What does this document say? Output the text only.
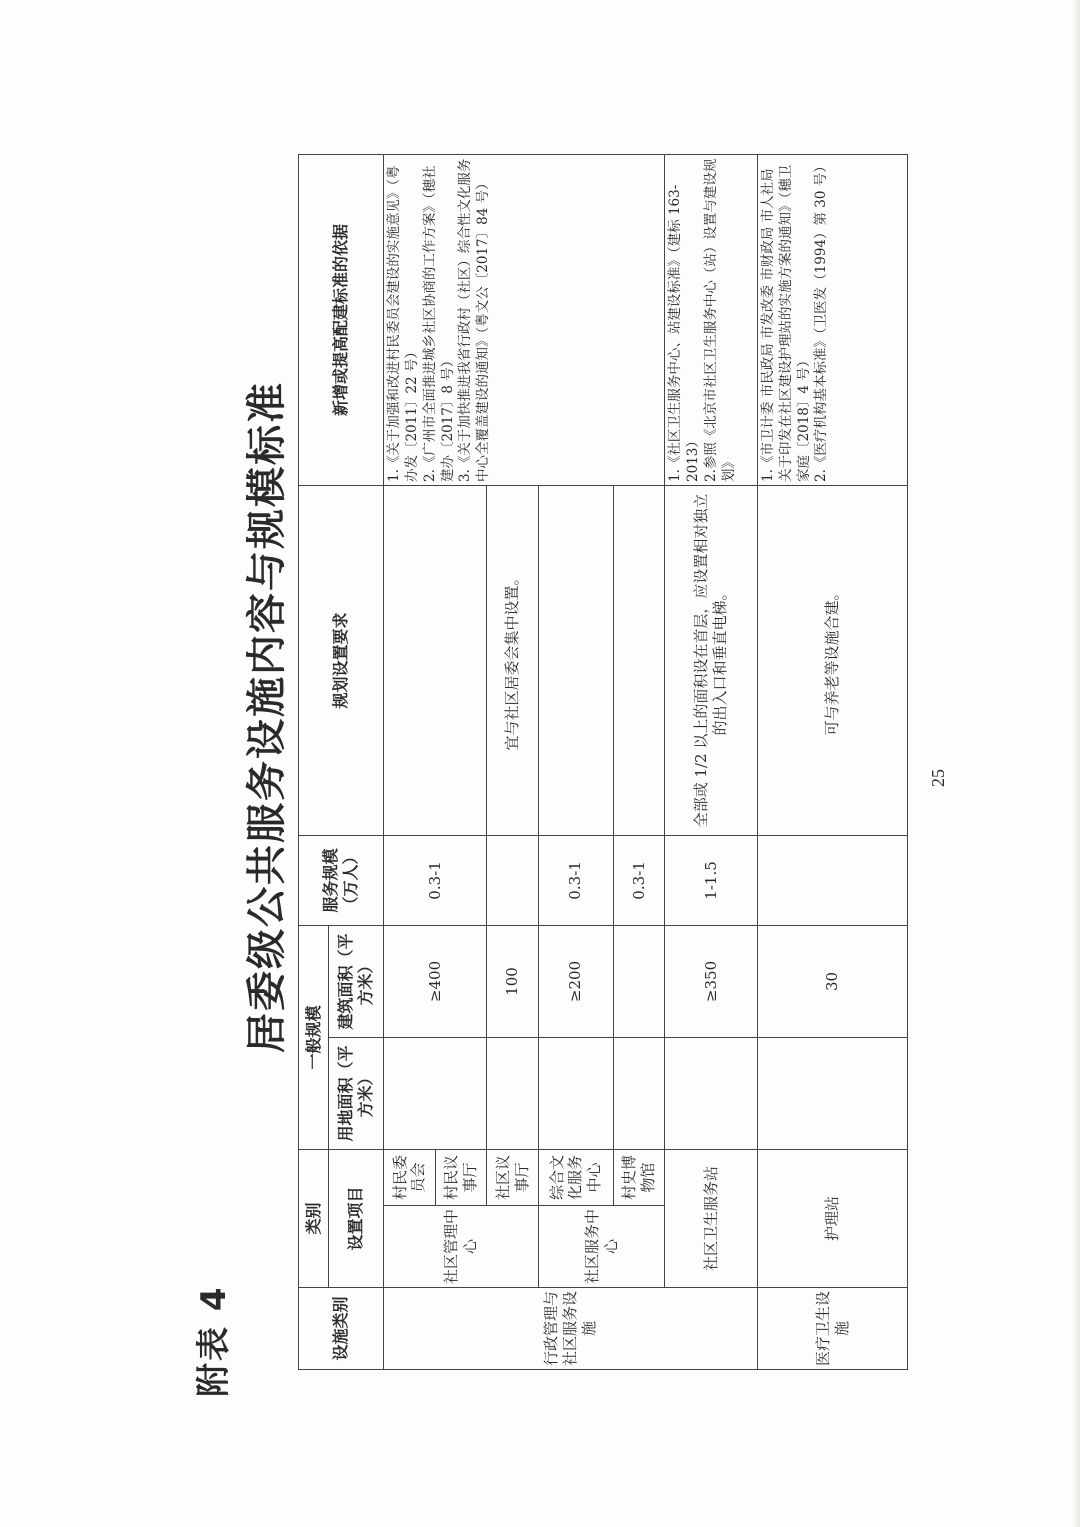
附表 4
居委级公共服务设施内容与规模标准
设施类别	类别		一般规模		服务规模（万人）	规划设置要求	新增或提高配建标准的依据
	设置项目		用地面积（平方米）	建筑面积（平方米）			
行政管理与社区服务设施	社区管理中心	村民委员会		≥400	0.3-1		1.《关于加强和改进村民委员会建设的实施意见》（粤办发〔2011〕22 号） 2.《广州市全面推进城乡社区协商的工作方案》（穗社建办〔2017〕8 号） 3.《关于加快推进我省行政村（社区）综合性文化服务中心全覆盖建设的通知》（粤文公〔2017〕84 号）

		村民议事厅					
		社区议事厅		100		宜与社区居委会集中设置。	
	社区服务中心	综合文化服务中心		≥200	0.3-1		
		村史博物馆			0.3-1		
	社区卫生服务站			≥350	1-1.5	全部或 1/2 以上的面积设在首层，应设置相对独立的出入口和垂直电梯。	1.《社区卫生服务中心、站建设标准》（建标 163-2013） 2.参照《北京市社区卫生服务中心（站）设置与建设规划》

医疗卫生设施	护理站			30		可与养老等设施合建。	1.《市卫计委 市民政局 市发改委 市财政局 市人社局关于印发在社区建设护理站的实施方案的通知》（穗卫家庭〔2018〕4 号） 2.《医疗机构基本标准》（卫医发（1994）第 30 号）

25
